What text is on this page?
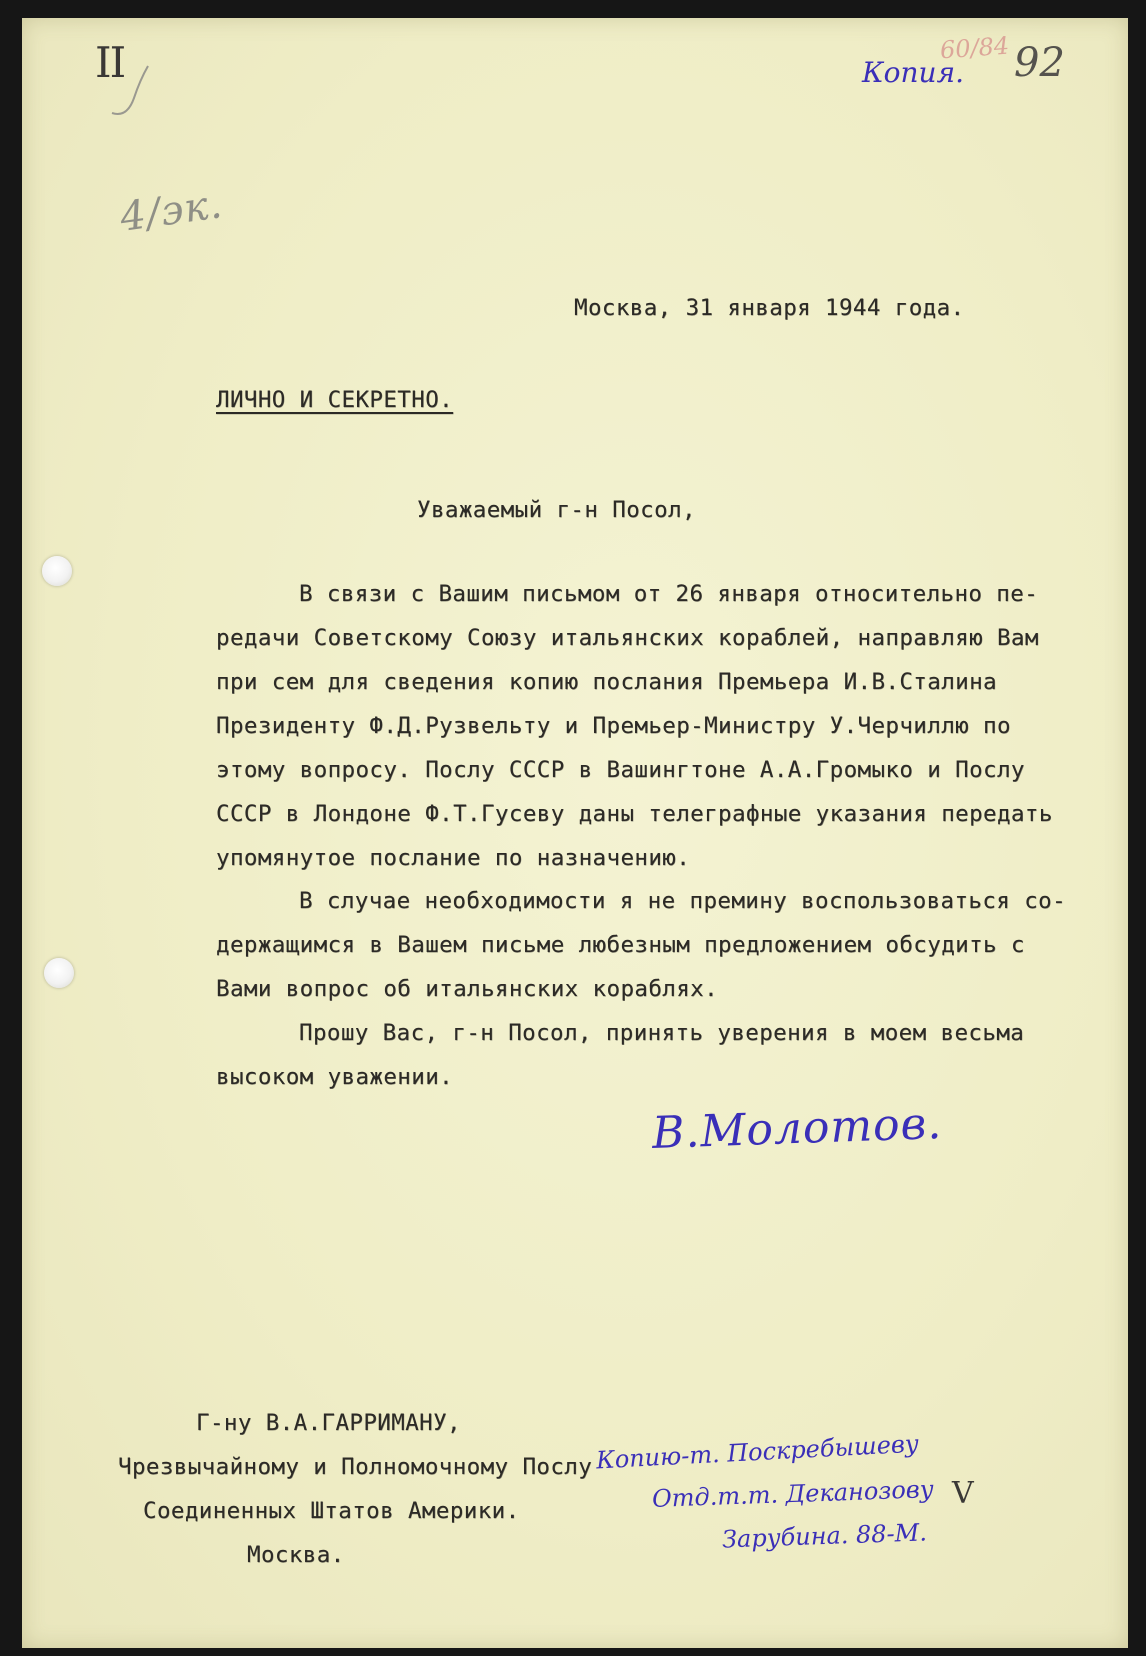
II
4/эк.
Копия.
60/84 92
Москва, 31 января 1944 года.
ЛИЧНО И СЕКРЕТНО.
Уважаемый г-н Посол,
В связи с Вашим письмом от 26 января относительно пе-
редачи Советскому Союзу итальянских кораблей, направляю Вам
при сем для сведения копию послания Премьера И.В.Сталина
Президенту Ф.Д.Рузвельту и Премьер-Министру У.Черчиллю по
этому вопросу. Послу СССР в Вашингтоне А.А.Громыко и Послу
СССР в Лондоне Ф.Т.Гусеву даны телеграфные указания передать
упомянутое послание по назначению.
В случае необходимости я не премину воспользоваться со-
держащимся в Вашем письме любезным предложением обсудить с
Вами вопрос об итальянских кораблях.
Прошу Вас, г-н Посол, принять уверения в моем весьма
высоком уважении.
В.Молотов.
Г-ну В.А.ГАРРИМАНУ,
Чрезвычайному и Полномочному Послу
Соединенных Штатов Америки.
Москва.
Копию-т. Поскребышеву
Отд.т.т. Деканозову
Зарубина. 88-М.
V
